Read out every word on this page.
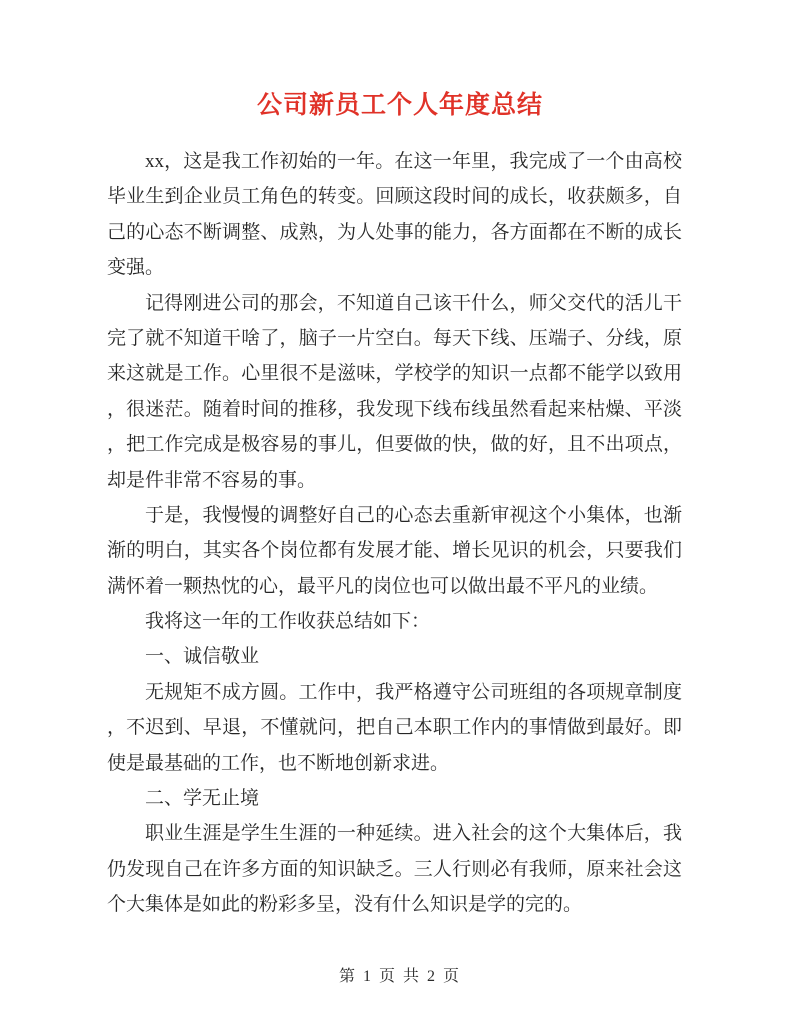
公司新员工个人年度总结
xx，这是我工作初始的一年。在这一年里，我完成了一个由高校
毕业生到企业员工角色的转变。回顾这段时间的成长，收获颇多，自
己的心态不断调整、成熟，为人处事的能力，各方面都在不断的成长
变强。
记得刚进公司的那会，不知道自己该干什么，师父交代的活儿干
完了就不知道干啥了，脑子一片空白。每天下线、压端子、分线，原
来这就是工作。心里很不是滋味，学校学的知识一点都不能学以致用
，很迷茫。随着时间的推移，我发现下线布线虽然看起来枯燥、平淡
，把工作完成是极容易的事儿，但要做的快，做的好，且不出项点，
却是件非常不容易的事。
于是，我慢慢的调整好自己的心态去重新审视这个小集体，也渐
渐的明白，其实各个岗位都有发展才能、增长见识的机会，只要我们
满怀着一颗热忱的心，最平凡的岗位也可以做出最不平凡的业绩。
我将这一年的工作收获总结如下：
一、诚信敬业
无规矩不成方圆。工作中，我严格遵守公司班组的各项规章制度
，不迟到、早退，不懂就问，把自己本职工作内的事情做到最好。即
使是最基础的工作，也不断地创新求进。
二、学无止境
职业生涯是学生生涯的一种延续。进入社会的这个大集体后，我
仍发现自己在许多方面的知识缺乏。三人行则必有我师，原来社会这
个大集体是如此的粉彩多呈，没有什么知识是学的完的。
第 1 页 共 2 页
